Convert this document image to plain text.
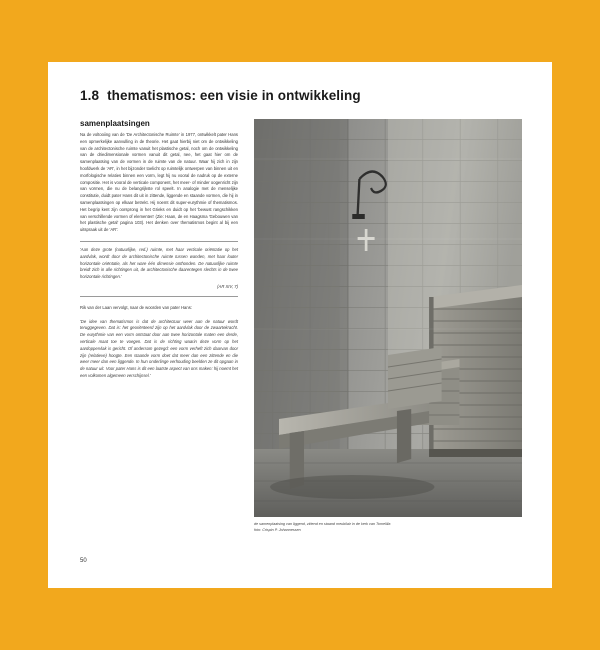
1.8 thematismos: een visie in ontwikkeling
samenplaatsingen

Na de voltooiing van de 'De Architectonische Ruimte' in 1977, ontwikkelt pater Hans een opmerkelijke aanvulling in de theorie. Het gaat hierbij niet om de ontwikkeling van de architectonische ruimte vanuit het plastische getal, noch om de ontwikkeling van de driedimensionale vormen vanuit dit getal, nee, het gaat hier om de samenplaatsing van de vormen in de ruimte van de natuur. Waar hij zich in zijn hoofdwerk de 'AR', in het bijzonder toelicht op ruimtelijk ontwerpen van binnen uit en morfologische relaties binnen een vorm, legt hij nu vooral de nadruk op de externe compositie. Het is vooral de verticale component, het meer- of minder oogenricht zijn van vormen, die nu de belangrijkste rol speelt. In analogie met de menselijke constitutie, duidt pater Hans dit uit in zittende, liggende en staande vormen, die hij in samenplaatsingen op elkaar betrekt. Hij noemt dit super-eurythmie of thematismos. Het begrip kent zijn oorsprong in het Grieks en duidt op het 'bewust rangschikken van verschillende vormen of elementen' (Zie: Haan, de en Haagsma 'Gebouwen van het plastische getal' pagina 103). Het denken over thematismos begint al bij een uitspraak uit de 'AR':

'Aan deze grote (natuurlijke, red.) ruimte, met haar verticale oriëntatie op het aardvlak, wordt door de architectonische ruimte tussen wanden, met haar louter horizontale oriëntatie, als het ware één dimensie onthonden. De natuurlijke ruimte breidt zich in alle richtingen uit, de architectonische daarentegen slechts in de twee horizontale richtingen.'
(AR XIV, 7)

Rik van der Laan vervolgt, naar de woorden van pater Hans:

'De idee van thematismos is dat de architectuur weer aan de natuur wordt teruggegeven. Dat is: het georiënteerd zijn op het aardvlak door de zwaartekracht. De eurythmie van een vorm ontstaat door aan twee horizontale maten een derde, verticale maat toe te voegen. Dat is de richting waarin deze vorm op het aardoppervlak is gericht. Of andersom gezegd: een vorm verheft zich daarvan door zijn (relatieve) hoogte. Een staande vorm doet dat meer dan een zittende en die weer meer dan een liggende. In hun onderlinge verhouding beelden ze dit opgaan in de natuur uit. Voor pater Hans is dit een laatste aspect van ons maken: hij noemt het een volkomen algemeen verschijnsel.'

de samenplaatsing van liggend, zittend en staand meubilair in de kerk van Tomelilla
foto: Crispin P. Johannessen
50
